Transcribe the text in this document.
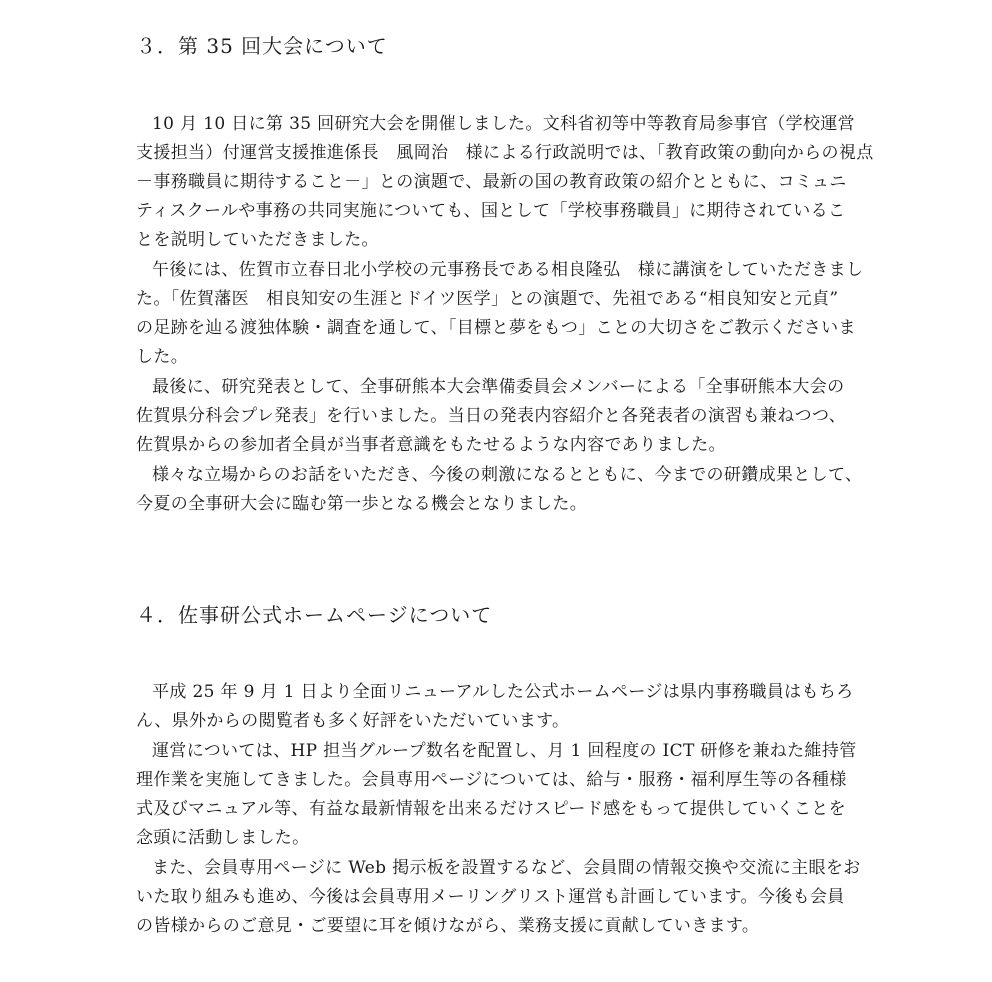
３．第 35 回大会について
10 月 10 日に第 35 回研究大会を開催しました。文科省初等中等教育局参事官（学校運営
支援担当）付運営支援推進係長　風岡治　様による行政説明では、「教育政策の動向からの視点
－事務職員に期待すること－」との演題で、最新の国の教育政策の紹介とともに、コミュニ
ティスクールや事務の共同実施についても、国として「学校事務職員」に期待されているこ
とを説明していただきました。
午後には、佐賀市立春日北小学校の元事務長である相良隆弘　様に講演をしていただきまし
た。「佐賀藩医　相良知安の生涯とドイツ医学」との演題で、先祖である“相良知安と元貞”
の足跡を辿る渡独体験・調査を通して、「目標と夢をもつ」ことの大切さをご教示くださいま
した。
最後に、研究発表として、全事研熊本大会準備委員会メンバーによる「全事研熊本大会の
佐賀県分科会プレ発表」を行いました。当日の発表内容紹介と各発表者の演習も兼ねつつ、
佐賀県からの参加者全員が当事者意識をもたせるような内容でありました。
様々な立場からのお話をいただき、今後の刺激になるとともに、今までの研鑽成果として、
今夏の全事研大会に臨む第一歩となる機会となりました。
４．佐事研公式ホームページについて
平成 25 年 9 月 1 日より全面リニューアルした公式ホームページは県内事務職員はもちろ
ん、県外からの閲覧者も多く好評をいただいています。
運営については、HP 担当グループ数名を配置し、月 1 回程度の ICT 研修を兼ねた維持管
理作業を実施してきました。会員専用ページについては、給与・服務・福利厚生等の各種様
式及びマニュアル等、有益な最新情報を出来るだけスピード感をもって提供していくことを
念頭に活動しました。
また、会員専用ページに Web 掲示板を設置するなど、会員間の情報交換や交流に主眼をお
いた取り組みも進め、今後は会員専用メーリングリスト運営も計画しています。今後も会員
の皆様からのご意見・ご要望に耳を傾けながら、業務支援に貢献していきます。
